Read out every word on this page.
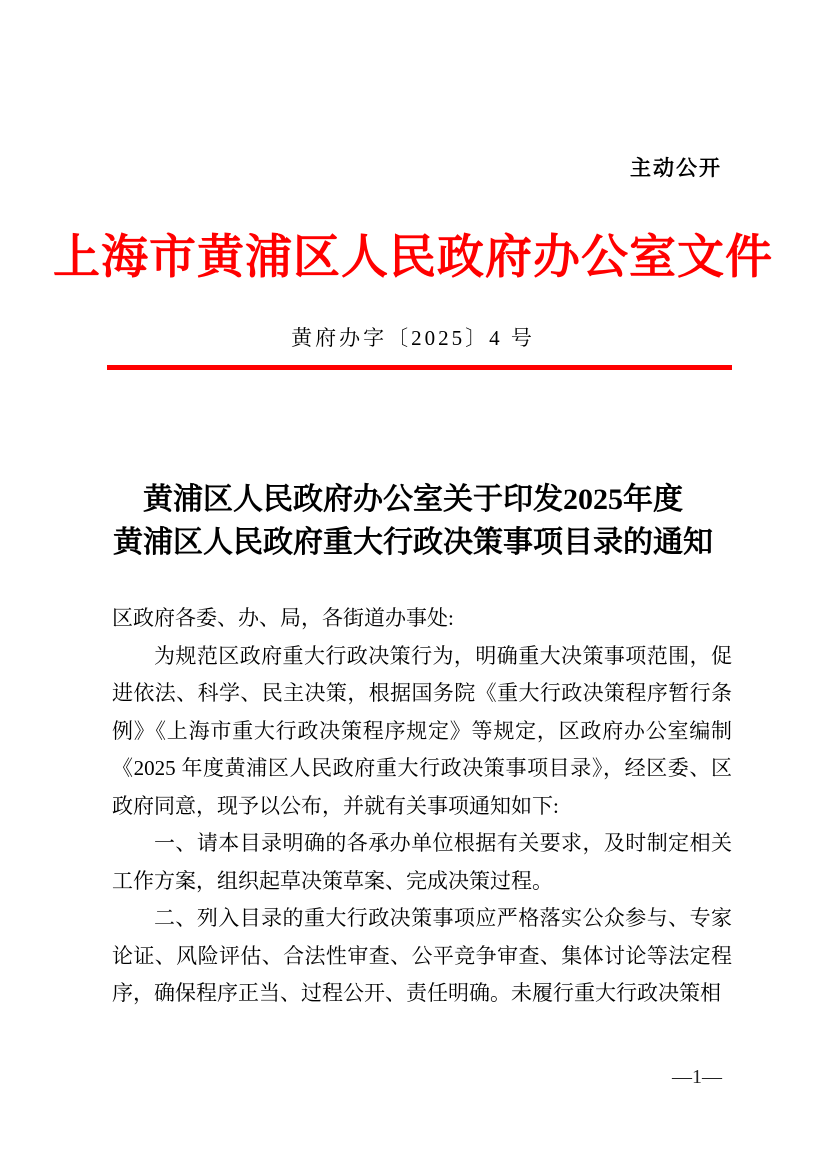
主动公开
上海市黄浦区人民政府办公室文件
黄府办字〔2025〕4 号
黄浦区人民政府办公室关于印发2025年度
黄浦区人民政府重大行政决策事项目录的通知

区政府各委、办、局，各街道办事处:

为规范区政府重大行政决策行为，明确重大决策事项范围，促进依法、科学、民主决策，根据国务院《重大行政决策程序暂行条例》《上海市重大行政决策程序规定》等规定，区政府办公室编制《2025 年度黄浦区人民政府重大行政决策事项目录》，经区委、区政府同意，现予以公布，并就有关事项通知如下:

一、请本目录明确的各承办单位根据有关要求，及时制定相关工作方案，组织起草决策草案、完成决策过程。

二、列入目录的重大行政决策事项应严格落实公众参与、专家论证、风险评估、合法性审查、公平竞争审查、集体讨论等法定程序，确保程序正当、过程公开、责任明确。未履行重大行政决策相

—1—
